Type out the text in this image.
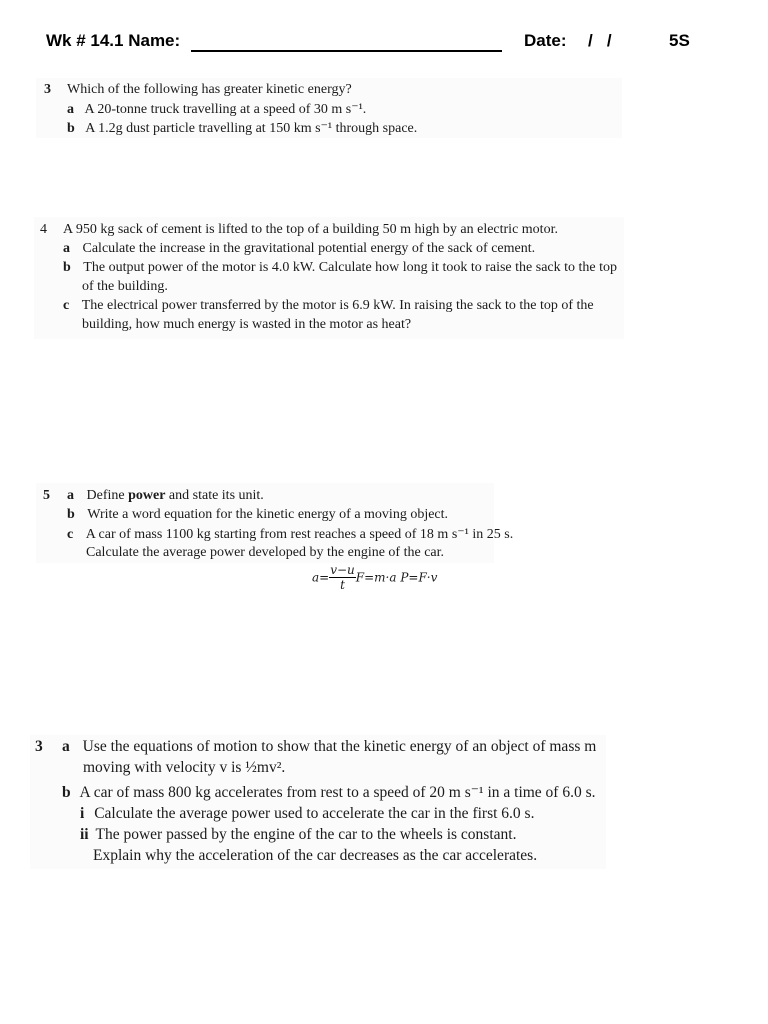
Wk # 14.1 Name:	Date: /   /	5S
3 Which of the following has greater kinetic energy?
a A 20-tonne truck travelling at a speed of 30 m s⁻¹.
b A 1.2g dust particle travelling at 150 km s⁻¹ through space.
4 A 950 kg sack of cement is lifted to the top of a building 50 m high by an electric motor.
a Calculate the increase in the gravitational potential energy of the sack of cement.
b The output power of the motor is 4.0 kW. Calculate how long it took to raise the sack to the top
of the building.
c The electrical power transferred by the motor is 6.9 kW. In raising the sack to the top of the
building, how much energy is wasted in the motor as heat?
5 a Define power and state its unit.
b Write a word equation for the kinetic energy of a moving object.
c A car of mass 1100 kg starting from rest reaches a speed of 18 m s⁻¹ in 25 s.
Calculate the average power developed by the engine of the car.
$a= \frac{v-u}{t} F=m\cdot a$ P=F·v
3 a Use the equations of motion to show that the kinetic energy of an object of mass m
moving with velocity v is ½mv².
b A car of mass 800 kg accelerates from rest to a speed of 20 m s⁻¹ in a time of 6.0 s.
i Calculate the average power used to accelerate the car in the first 6.0 s.
ii The power passed by the engine of the car to the wheels is constant.
Explain why the acceleration of the car decreases as the car accelerates.
